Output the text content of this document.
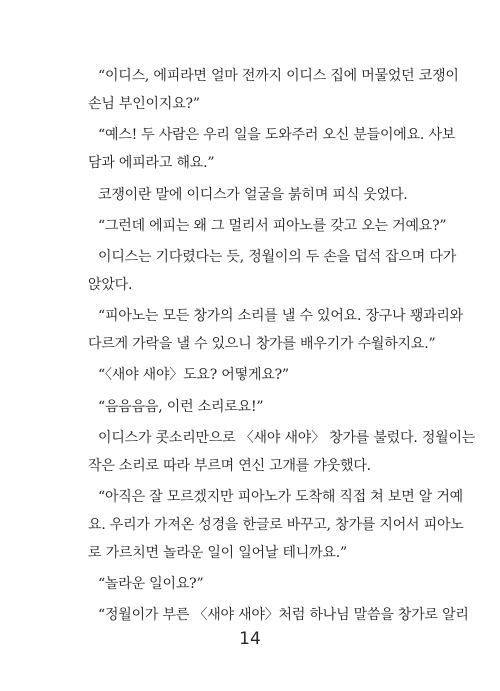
“이디스, 에피라면 얼마 전까지 이디스 집에 머물었던 코쟁이
손님 부인이지요?”
“예스! 두 사람은 우리 일을 도와주러 오신 분들이에요. 사보
담과 에피라고 해요.”
코쟁이란 말에 이디스가 얼굴을 붉히며 피식 웃었다.
“그런데 에피는 왜 그 멀리서 피아노를 갖고 오는 거예요?”
이디스는 기다렸다는 듯, 정월이의 두 손을 덥석 잡으며 다가
앉았다.
“피아노는 모든 창가의 소리를 낼 수 있어요. 장구나 꽹과리와
다르게 가락을 낼 수 있으니 창가를 배우기가 수월하지요.”
“〈새야 새야〉도요? 어떻게요?”
“음음음음, 이런 소리로요!”
이디스가 콧소리만으로 〈새야 새야〉 창가를 불렀다. 정월이는
작은 소리로 따라 부르며 연신 고개를 갸웃했다.
“아직은 잘 모르겠지만 피아노가 도착해 직접 쳐 보면 알 거예
요. 우리가 가져온 성경을 한글로 바꾸고, 창가를 지어서 피아노
로 가르치면 놀라운 일이 일어날 테니까요.”
“놀라운 일이요?”
“정월이가 부른 〈새야 새야〉처럼 하나님 말씀을 창가로 알리
14
